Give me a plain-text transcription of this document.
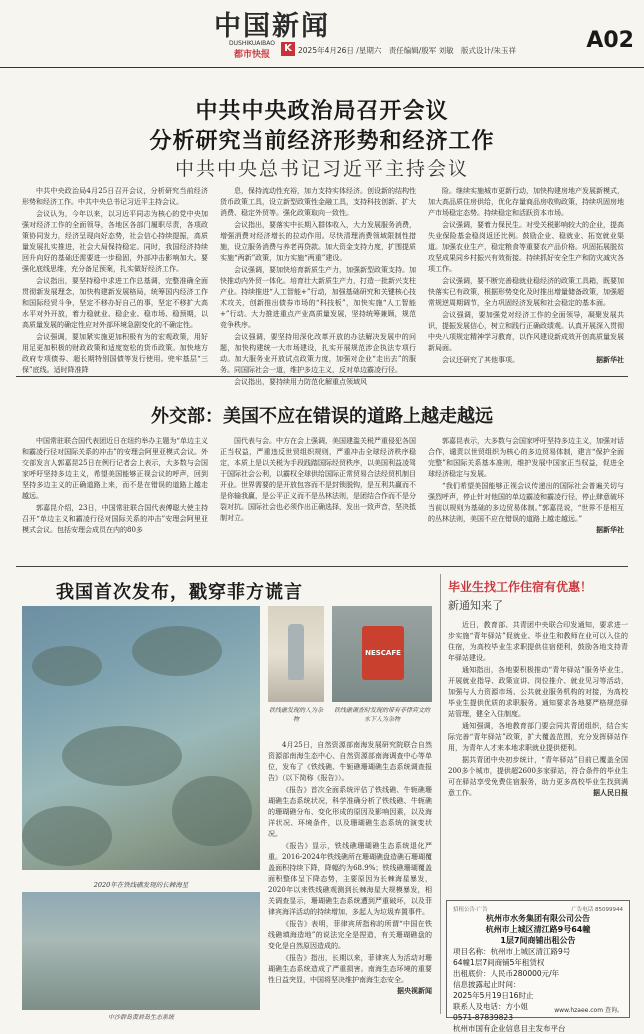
中国新闻
DUSHIKUAIBAO
都市快报
K 2025年4月26日 /星期六 责任编辑/殷军 刘敏 版式设计/朱玉祥	A02
中共中央政治局召开会议
分析研究当前经济形势和经济工作
中共中央总书记习近平主持会议

中共中央政治局4月25日召开会议，分析研究当前经济形势和经济工作。中共中央总书记习近平主持会议。

会议认为，今年以来，以习近平同志为核心的党中央加强对经济工作的全面领导，各地区各部门履职尽责，各项政策协同发力，经济呈现向好态势，社会信心持续提振，高质量发展扎实推进，社会大局保持稳定。同时，我国经济持续回升向好的基础还需要进一步稳固，外部冲击影响加大。要强化底线思维，充分备足预案，扎实做好经济工作。

会议指出，要坚持稳中求进工作总基调，完整准确全面贯彻新发展理念，加快构建新发展格局，统筹国内经济工作和国际经贸斗争，坚定不移办好自己的事，坚定不移扩大高水平对外开放，着力稳就业、稳企业、稳市场、稳预期，以高质量发展的确定性应对外部环境急剧变化的不确定性。

会议强调，要加紧实施更加积极有为的宏观政策，用好用足更加积极的财政政策和适度宽松的货币政策。加快地方政府专项债券、超长期特别国债等发行使用。兜牢基层“三保”底线。适时降准降

息，保持流动性充裕，加力支持实体经济。创设新的结构性货币政策工具，设立新型政策性金融工具，支持科技创新、扩大消费、稳定外贸等。强化政策取向一致性。

会议指出，要落实中长期入群体收入，大力发展服务消费，增强消费对经济增长的拉动作用。尽快清理消费领域限制性措施，设立服务消费与养老再贷款。加大资金支持力度，扩围提质实施“两新”政策，加力实施“两重”建设。

会议强调，要加快培育新质生产力，加强新型政策支持。加快推动内外贸一体化。培育壮大新质生产力，打造一批新兴支柱产业。持续推进“人工智能+”行动，加强基础研究和关键核心技术攻关，创新推出债券市场的“科技板”，加快实施“人工智能+”行动。大力推进重点产业高质量发展，坚持统筹兼顾，规范竞争秩序。

会议强调，要坚持用深化改革开放的办法解决发展中的问题，加快构建统一大市场建设，扎实开展规范涉企执法专项行动。加大服务业开放试点政策力度，加强对企业“走出去”的服务。同国际社会一道，维护多边主义，反对单边霸凌行径。

会议指出，要持续用力防范化解重点领域风

险。继续实施城市更新行动，加快构建房地产发展新模式，加大高品质住房供给，优化存量商品房收购政策，持续巩固房地产市场稳定态势。持续稳定和活跃资本市场。

会议强调，要着力保民生。对受关税影响较大的企业，提高失业保险基金稳岗返还比例。鼓励企业、稳就业、拓宽就业渠道。加强农业生产，稳定粮食等重要农产品价格。巩固拓展脱贫攻坚成果同乡村振兴有效衔接。持续抓好安全生产和防灾减灾各项工作。

会议强调，要不断完善稳就业稳经济的政策工具箱，既要加快落实已有政策，根据形势变化及时推出增量储备政策，加强超常规逆周期调节，全力巩固经济发展和社会稳定的基本面。

会议强调，要加强党对经济工作的全面领导，凝聚发展共识，提振发展信心，树立和践行正确政绩观。认真开展深入贯彻中央八项规定精神学习教育，以作风建设新成效开创高质量发展新局面。

会议还研究了其他事项。	据新华社

外交部：美国不应在错误的道路上越走越远

中国常驻联合国代表团近日在纽约举办主题为“单边主义和霸凌行径对国际关系的冲击”的安理会阿里亚模式会议。外交部发言人郭嘉昆25日在例行记者会上表示，大多数与会国家呼吁坚持多边主义，希望美国能够正视会议的呼声，回到坚持多边主义的正确道路上来，而不是在错误的道路上越走越远。

郭嘉昆介绍，23日，中国常驻联合国代表傅聪大使主持召开“单边主义和霸凌行径对国际关系的冲击”安理会阿里亚模式会议。包括安理会成员在内的80多

国代表与会。中方在会上强调，美国建滥关税严重侵犯各国正当权益，严重违反世贸组织规则，严重冲击全球经济秩序稳定，本质上是以关税为手段践踏国际经贸秩序，以美国利益凌驾于国际社会公利，以霸权全球供给国际正常贸易合法经贸机制目开业。世界需要的是开放包容而不是封锁脱钩，是互利共赢而不是你输我赢，是公平正义而不是丛林法则，是团结合作而不是分裂对抗。国际社会也必须作出正确选择，发出一致声音，坚决抵制对立。

郭嘉昆表示，大多数与会国家呼吁坚持多边主义，加强对话合作，谴责以世贸组织为核心的多边贸易体制，建言“保护全面完整”和国际关系基本准则，维护发展中国家正当权益，促进全球经济稳定与发展。

“我们希望美国能够正视会议传递出的国际社会普遍关切与强烈呼声，停止针对他国的单边霸凌和霸凌行径，停止肆意破坏当前以规则为基础的多边贸易体制。”郭嘉昆说，“世界不是相互的丛林法则，美国不应在错误的道路上越走越远。”
据新华社

我国首次发布，戳穿菲方谎言
2020年在铁线礁发现的长棘海星
NESCAFE
铁线礁发现的人为杂物
铁线礁调查时发现的带有菲律宾文的水下人为杂物

4月25日，自然资源部南海发展研究院联合自然资源部南海生态中心、自然资源部南海调查中心等单位，发布了《铁线礁、牛轭礁珊瑚礁生态系统调查报告》（以下简称《报告》）。

《报告》首次全面系统评估了铁线礁、牛轭礁珊瑚礁生态系统状况，科学准确分析了铁线礁、牛轭礁的珊瑚礁分布、变化形成的原因及影响因素，以及海洋状况、环境条件，以及珊瑚礁生态系统的演变状况。

《报告》显示，铁线礁珊瑚礁生态系统退化严重。2016-2024年铁线礁所在珊瑚礁盘造礁石珊瑚覆盖面积持续下降，降幅约为68.9%；铁线礁珊瑚覆盖面积整体呈下降态势，主要原因为长棘海星暴发，2020年以来铁线礁观测到长棘海星大规模暴发，相关调查显示，珊瑚礁生态系统遭到严重破坏，以及菲律宾海洋活动的持续增加，多起人为垃圾弃置事件。

《报告》表明，菲律宾所指称的所谓“中国在铁线礁填海造地”的说法完全是捏造，有关珊瑚礁盘的变化是自然原因造成的。

《报告》指出，长期以来，菲律宾人为活动对珊瑚礁生态系统造成了严重损害。南海生态环境的重要性日益突显，中国将坚决维护南海生态安全。
据央视新闻

中沙群岛黄岩岛生态系统
毕业生找工作住宿有优惠！
新通知来了

近日，教育部、共青团中央联合印发通知，要求进一步实施“青年驿站”促就业、毕业生和教师在业可以入住的住宿，为高校毕业生求职提供住宿便利，鼓励各地支持青年驿站建设。

通知指出，各地要积极推动“青年驿站”服务毕业生，开展就业指导、政策宣讲、岗位推介、就业见习等活动，加强与人力资源市场、公共就业服务机构的对接，为高校毕业生提供优质的求职服务。通知要求各地要严格规范驿站管理，健全入住制度。

通知强调，各地教育部门要会同共青团组织，结合实际完善“青年驿站”政策，扩大覆盖范围，充分发挥驿站作用，为青年人才来本地求职就业提供便利。

据共青团中央初步统计，“青年驿站”目前已覆盖全国200多个城市，提供超2600多家驿站，符合条件的毕业生可在驿站享受免费住宿服务，助力更多高校毕业生找到满意工作。	据人民日报

招租公告·广告	广告电话 85099944
杭州市水务集团有限公司公告
杭州市上城区清江路9号64幢
1层7间商铺出租公告
项目名称：杭州市上城区清江路9号
64幢1层7间商铺5年租赁权
出租底价：人民币280000元/年
信息披露起止时间：
2025年5月19日16时止
联系人及电话：方小姐
0571-87839823
杭州市国有企业信息目主发布平台
www.hzaee.com 查询。
